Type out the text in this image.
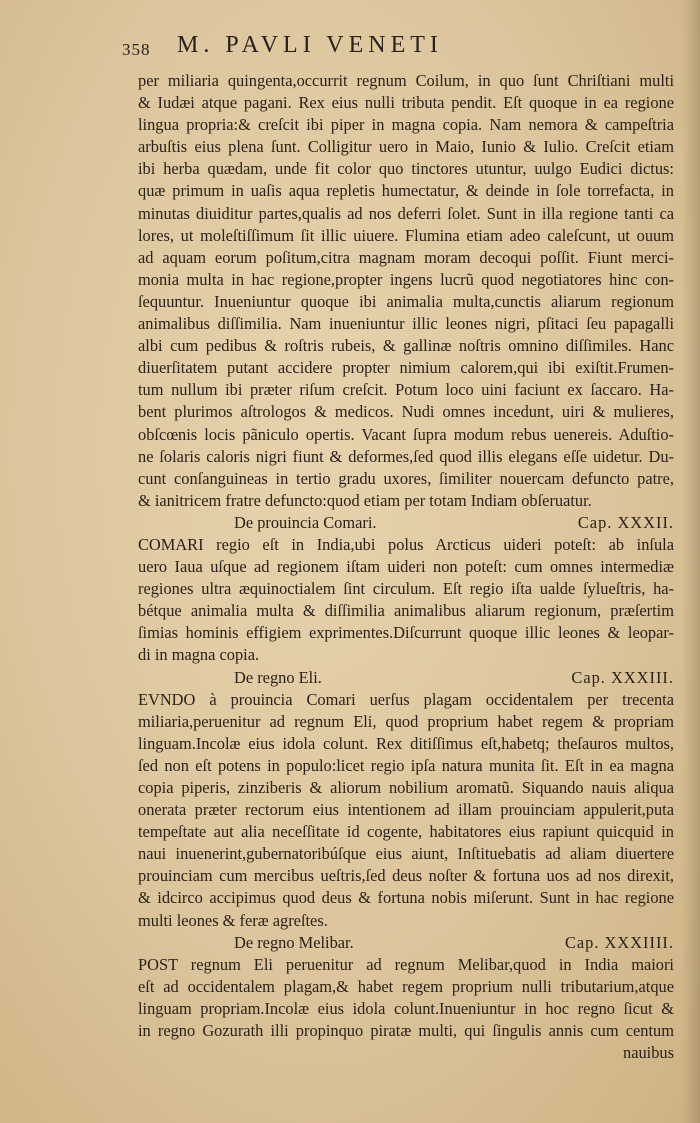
358 M. PAVLI VENETI
per miliaria quingenta,occurrit regnum Coilum, in quo ſunt Chriſtiani multi
& Iudæi atque pagani. Rex eius nulli tributa pendit. Eſt quoque in ea regione
lingua propria:& creſcit ibi piper in magna copia. Nam nemora & campeſtria
arbuſtis eius plena ſunt. Colligitur uero in Maio, Iunio & Iulio. Creſcit etiam
ibi herba quædam, unde fit color quo tinctores utuntur, uulgo Eudici dictus:
quæ primum in uaſis aqua repletis humectatur, & deinde in ſole torrefacta, in
minutas diuiditur partes,qualis ad nos deferri ſolet. Sunt in illa regione tanti ca
lores, ut moleſtiſſimum ſit illic uiuere. Flumina etiam adeo caleſcunt, ut ouum
ad aquam eorum poſitum,citra magnam moram decoqui poſſit. Fiunt merci-
monia multa in hac regione,propter ingens lucrũ quod negotiatores hinc con-
ſequuntur. Inueniuntur quoque ibi animalia multa,cunctis aliarum regionum
animalibus diſſimilia. Nam inueniuntur illic leones nigri, pſitaci ſeu papagalli
albi cum pedibus & roſtris rubeis, & gallinæ noſtris omnino diſſimiles. Hanc
diuerſitatem putant accidere propter nimium calorem,qui ibi exiſtit.Frumen-
tum nullum ibi præter riſum creſcit. Potum loco uini faciunt ex ſaccaro. Ha-
bent plurimos aſtrologos & medicos. Nudi omnes incedunt, uiri & mulieres,
obſcœnis locis pãniculo opertis. Vacant ſupra modum rebus uenereis. Aduſtio-
ne ſolaris caloris nigri fiunt & deformes,ſed quod illis elegans eſſe uidetur. Du-
cunt conſanguineas in tertio gradu uxores, ſimiliter nouercam defuncto patre,
& ianitricem fratre defuncto:quod etiam per totam Indiam obſeruatur.
De prouincia Comari.	Cap. XXXII.
COMARI regio eſt in India,ubi polus Arcticus uideri poteſt: ab inſula
uero Iaua uſque ad regionem iſtam uideri non poteſt: cum omnes intermediæ
regiones ultra æquinoctialem ſint circulum. Eſt regio iſta ualde ſylueſtris, ha-
bétque animalia multa & diſſimilia animalibus aliarum regionum, præſertim
ſimias hominis effigiem exprimentes.Diſcurrunt quoque illic leones & leopar-
di in magna copia.
De regno Eli.	Cap. XXXIII.
EVNDO à prouincia Comari uerſus plagam occidentalem per trecenta
miliaria,peruenitur ad regnum Eli, quod proprium habet regem & propriam
linguam.Incolæ eius idola colunt. Rex ditiſſimus eſt,habetq; theſauros multos,
ſed non eſt potens in populo:licet regio ipſa natura munita ſit. Eſt in ea magna
copia piperis, zinziberis & aliorum nobilium aromatũ. Siquando nauis aliqua
onerata præter rectorum eius intentionem ad illam prouinciam appulerit,puta
tempeſtate aut alia neceſſitate id cogente, habitatores eius rapiunt quicquid in
naui inuenerint,gubernatoribúſque eius aiunt, Inſtituebatis ad aliam diuertere
prouinciam cum mercibus ueſtris,ſed deus noſter & fortuna uos ad nos direxit,
& idcirco accipimus quod deus & fortuna nobis miſerunt. Sunt in hac regione
multi leones & feræ agreſtes.
De regno Melibar.	Cap. XXXIIII.
POST regnum Eli peruenitur ad regnum Melibar,quod in India maiori
eſt ad occidentalem plagam,& habet regem proprium nulli tributarium,atque
linguam propriam.Incolæ eius idola colunt.Inueniuntur in hoc regno ſicut &
in regno Gozurath illi propinquo piratæ multi, qui ſingulis annis cum centum
nauibus
